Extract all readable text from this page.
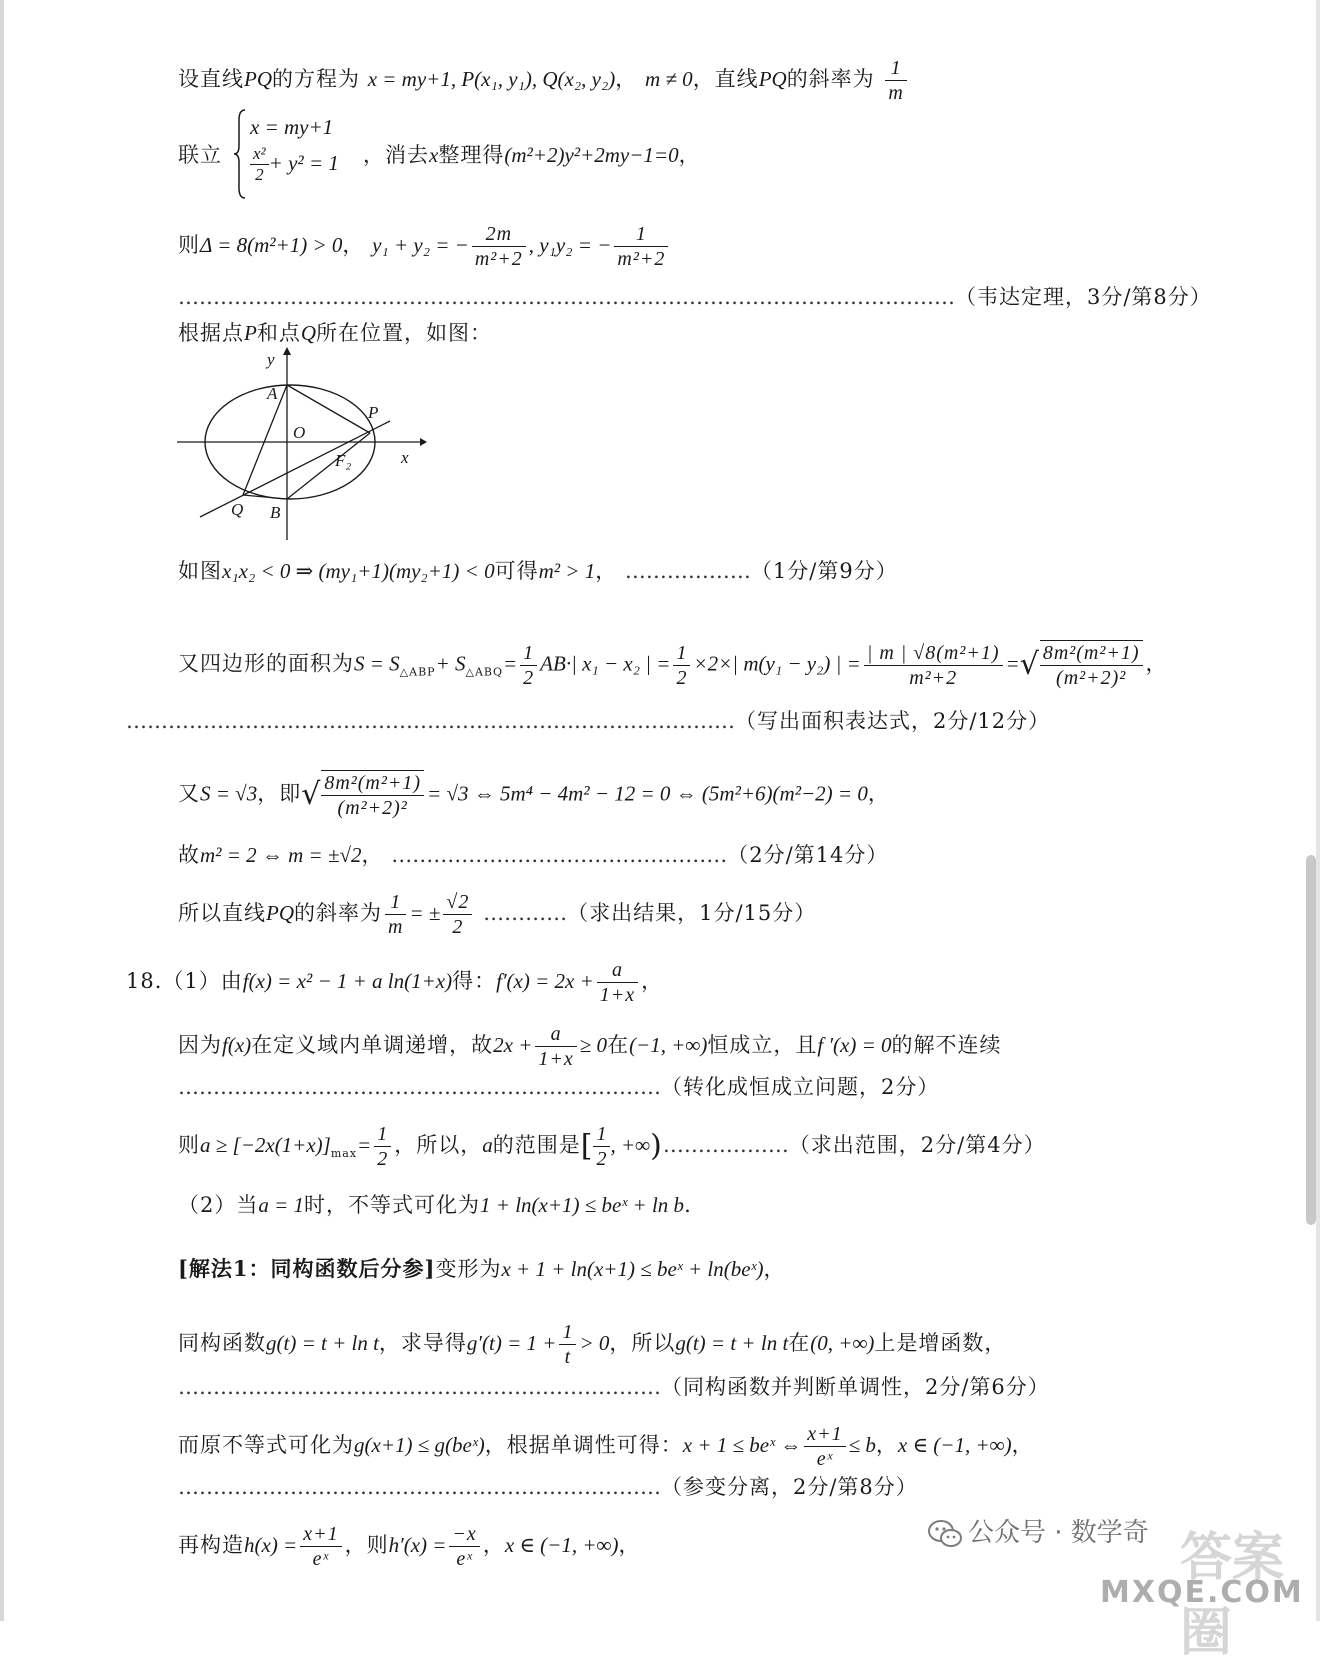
设直线PQ的方程为 x = my+1, P(x₁, y₁), Q(x₂, y₂)， m ≠ 0，直线PQ的斜率为 $\frac{1}{m}$
联立
x = my+1
$\frac{\text{x²}}{2} + y^2 = 1$ ，消去x整理得(m²+2)y²+2my−1=0，
则Δ = 8(m²+1) > 0， y₁ + y₂ = − $\frac{2m}{\text{m²+2}}$ , y₁y₂ = − $\frac{1}{\text{m²+2}}$
…………………………………………………………………………………………………（韦达定理，3分/第8分）
根据点P和点Q所在位置，如图：
y
x
A
O
P
F₂
Q B
如图x₁x₂ < 0 ⇒ (my₁+1)(my₂+1) < 0可得m² > 1， ………………（1分/第9分）
又四边形的面积为$S = S_{\triangle ABP}+ S_{\triangle ABQ}= \frac{1}{2} AB\cdot|$ x₁ − x₂ | = $\frac{1}{2} \times 2\times|$ m(y₁ − y₂) | = $\frac{\text{| m | √8(m²+1)}}{\text{m²+2}}$ =√ $\frac{\text{8m²(m²+1)}}{\text{(m²+2)²}}$ ，
……………………………………………………………………………（写出面积表达式，2分/12分）
又S = √3，即√ $\frac{\text{8m²(m²+1)}}{\text{(m²+2)²}} = √3$ ⇔ 5m⁴ − 4m² − 12 = 0 ⇔ (5m²+6)(m²−2) = 0，
故m² = 2 ⇔ m = ±√2， …………………………………………（2分/第14分）
所以直线PQ的斜率为 $\frac{1}{m}$ = ± $\frac{√2}{2}$ …………（求出结果，1分/15分）
18.（1）由f(x) = x² − 1 + a ln(1+x)得：$f'(x) = 2x + \frac{a}{1+x}$ ，
因为f(x)在定义域内单调递增，故$2x + \frac{a}{1+x} \ge 0$在(−1, +∞)恒成立，且f ′(x) = 0的解不连续
……………………………………………………………（转化成恒成立问题，2分）
则$a \ge [-2x(1+x)]_{max}= \frac{1}{2}$ ，所以，a的范围是[ $\frac{1}{2}$ , +∞)………………（求出范围，2分/第4分）
（2）当a = 1时，不等式可化为1 + ln(x+1) ≤ beˣ + ln b.
[解法1：同构函数后分参]变形为x + 1 + ln(x+1) ≤ beˣ + ln(beˣ)，
同构函数g(t) = t + ln t，求导得$g'(t) = 1 + \frac{1}{t} > 0$，所以g(t) = t + ln t在(0, +∞)上是增函数，
……………………………………………………………（同构函数并判断单调性，2分/第6分）
而原不等式可化为g(x+1) ≤ g(beˣ)，根据单调性可得：x + 1 ≤ beˣ ⇔ $\frac{x+1}{\text{eˣ}} \le b$，x ∈ (−1, +∞)，
……………………………………………………………（参变分离，2分/第8分）
再构造$h(x) = \frac{x+1}{\text{eˣ}}$ ，则$h'(x) = \frac{-x}{\text{eˣ}}$ ，x ∈ (−1, +∞)，	答案圈
公众号 · 数学奇
MXQE.COM
